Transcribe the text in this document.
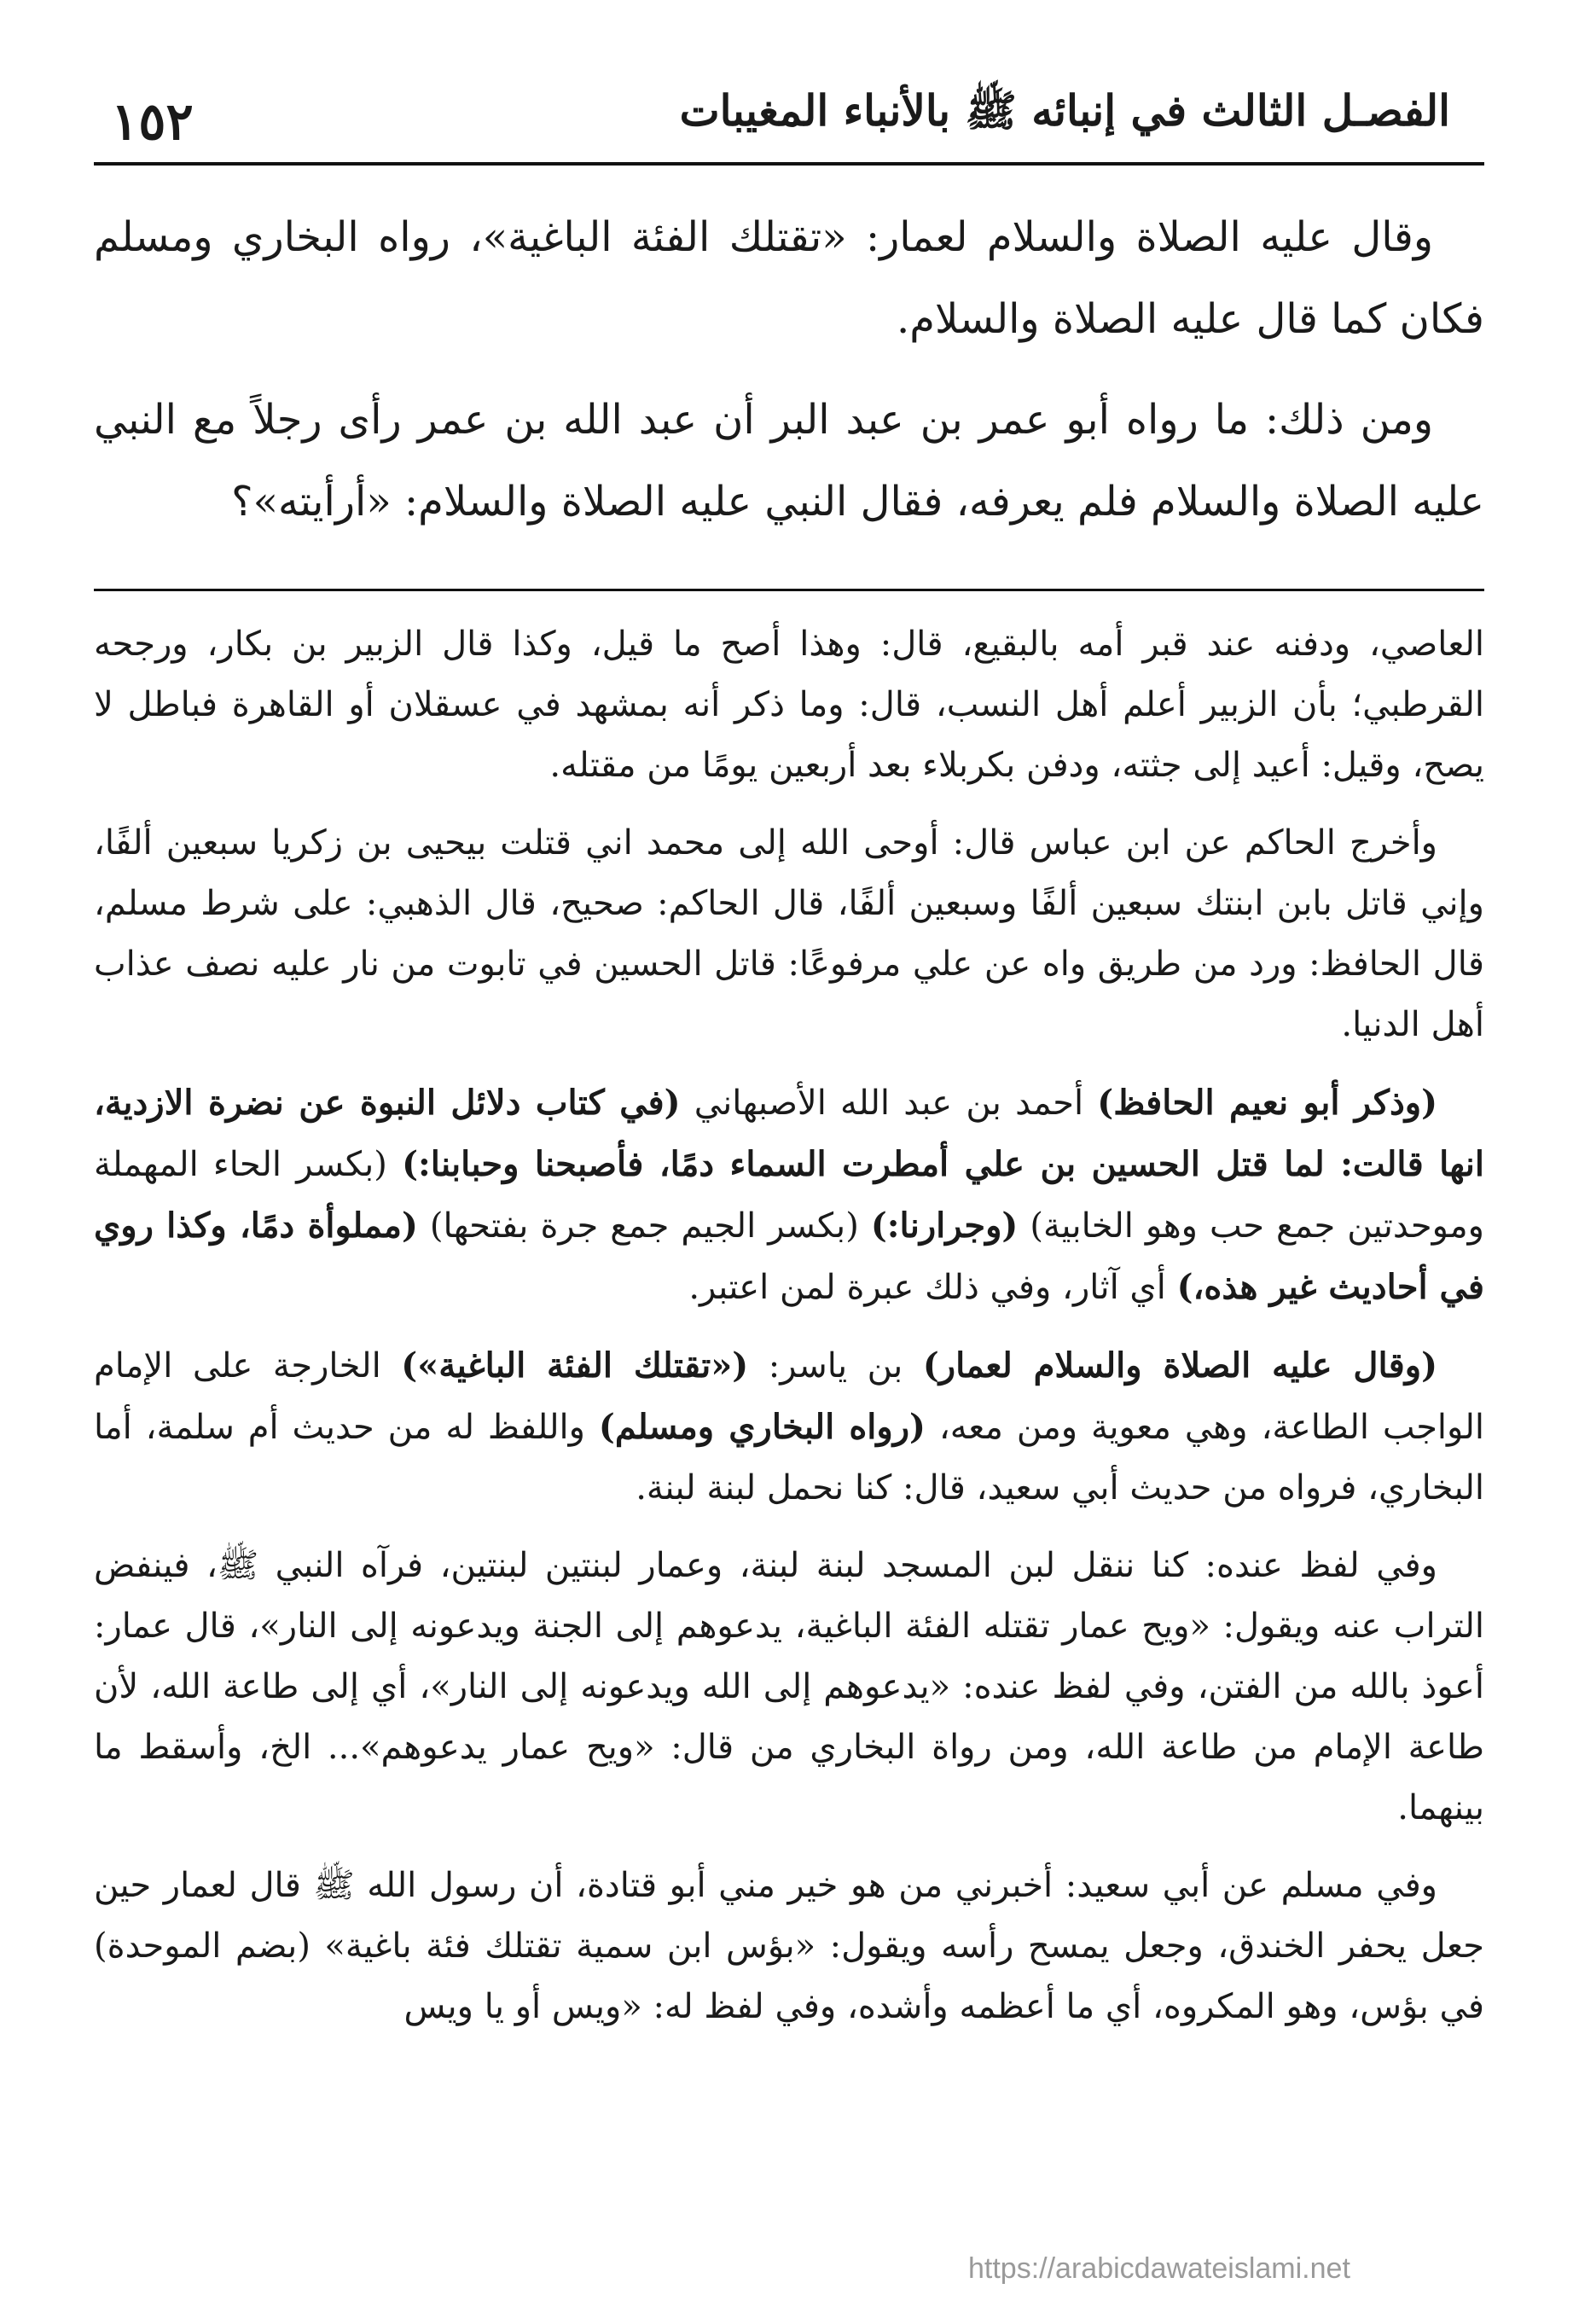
الفصـل الثالث في إنبائه ﷺ بالأنباء المغيبات
١٥٢

وقال عليه الصلاة والسلام لعمار: «تقتلك الفئة الباغية»، رواه البخاري ومسلم فكان كما قال عليه الصلاة والسلام.

ومن ذلك: ما رواه أبو عمر بن عبد البر أن عبد الله بن عمر رأى رجلاً مع النبي عليه الصلاة والسلام فلم يعرفه، فقال النبي عليه الصلاة والسلام: «أرأيته»؟

العاصي، ودفنه عند قبر أمه بالبقيع، قال: وهذا أصح ما قيل، وكذا قال الزبير بن بكار، ورجحه القرطبي؛ بأن الزبير أعلم أهل النسب، قال: وما ذكر أنه بمشهد في عسقلان أو القاهرة فباطل لا يصح، وقيل: أعيد إلى جثته، ودفن بكربلاء بعد أربعين يومًا من مقتله.

وأخرج الحاكم عن ابن عباس قال: أوحى الله إلى محمد اني قتلت بيحيى بن زكريا سبعين ألفًا، وإني قاتل بابن ابنتك سبعين ألفًا وسبعين ألفًا، قال الحاكم: صحيح، قال الذهبي: على شرط مسلم، قال الحافظ: ورد من طريق واه عن علي مرفوعًا: قاتل الحسين في تابوت من نار عليه نصف عذاب أهل الدنيا.

(وذكر أبو نعيم الحافظ) أحمد بن عبد الله الأصبهاني (في كتاب دلائل النبوة عن نضرة الازدية، انها قالت: لما قتل الحسين بن علي أمطرت السماء دمًا، فأصبحنا وحبابنا:) (بكسر الحاء المهملة وموحدتين جمع حب وهو الخابية) (وجرارنا:) (بكسر الجيم جمع جرة بفتحها) (مملوأة دمًا، وكذا روي في أحاديث غير هذه،) أي آثار، وفي ذلك عبرة لمن اعتبر.

(وقال عليه الصلاة والسلام لعمار) بن ياسر: («تقتلك الفئة الباغية») الخارجة على الإمام الواجب الطاعة، وهي معوية ومن معه، (رواه البخاري ومسلم) واللفظ له من حديث أم سلمة، أما البخاري، فرواه من حديث أبي سعيد، قال: كنا نحمل لبنة لبنة.

وفي لفظ عنده: كنا ننقل لبن المسجد لبنة لبنة، وعمار لبنتين لبنتين، فرآه النبي ﷺ، فينفض التراب عنه ويقول: «ويح عمار تقتله الفئة الباغية، يدعوهم إلى الجنة ويدعونه إلى النار»، قال عمار: أعوذ بالله من الفتن، وفي لفظ عنده: «يدعوهم إلى الله ويدعونه إلى النار»، أي إلى طاعة الله، لأن طاعة الإمام من طاعة الله، ومن رواة البخاري من قال: «ويح عمار يدعوهم»... الخ، وأسقط ما بينهما.

وفي مسلم عن أبي سعيد: أخبرني من هو خير مني أبو قتادة، أن رسول الله ﷺ قال لعمار حين جعل يحفر الخندق، وجعل يمسح رأسه ويقول: «بؤس ابن سمية تقتلك فئة باغية» (بضم الموحدة) في بؤس، وهو المكروه، أي ما أعظمه وأشده، وفي لفظ له: «ويس أو يا ويس

https://arabicdawateislami.net
